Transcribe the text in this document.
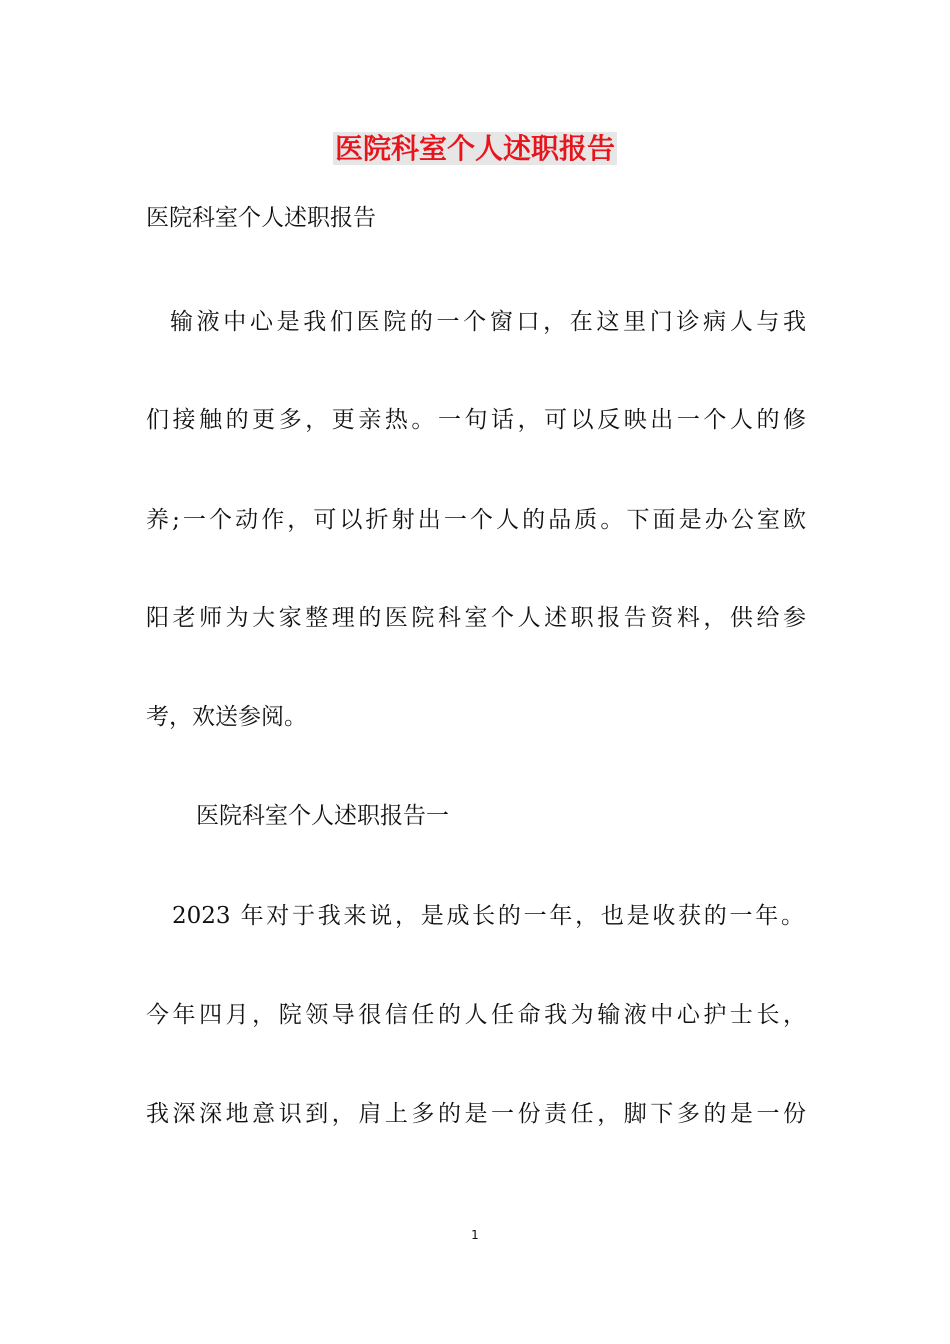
医院科室个人述职报告
医院科室个人述职报告
输液中心是我们医院的一个窗口，在这里门诊病人与我
们接触的更多，更亲热。一句话，可以反映出一个人的修
养;一个动作，可以折射出一个人的品质。下面是办公室欧
阳老师为大家整理的医院科室个人述职报告资料，供给参
考，欢送参阅。
医院科室个人述职报告一
2023 年对于我来说，是成长的一年，也是收获的一年。
今年四月，院领导很信任的人任命我为输液中心护士长，
我深深地意识到，肩上多的是一份责任，脚下多的是一份
1
